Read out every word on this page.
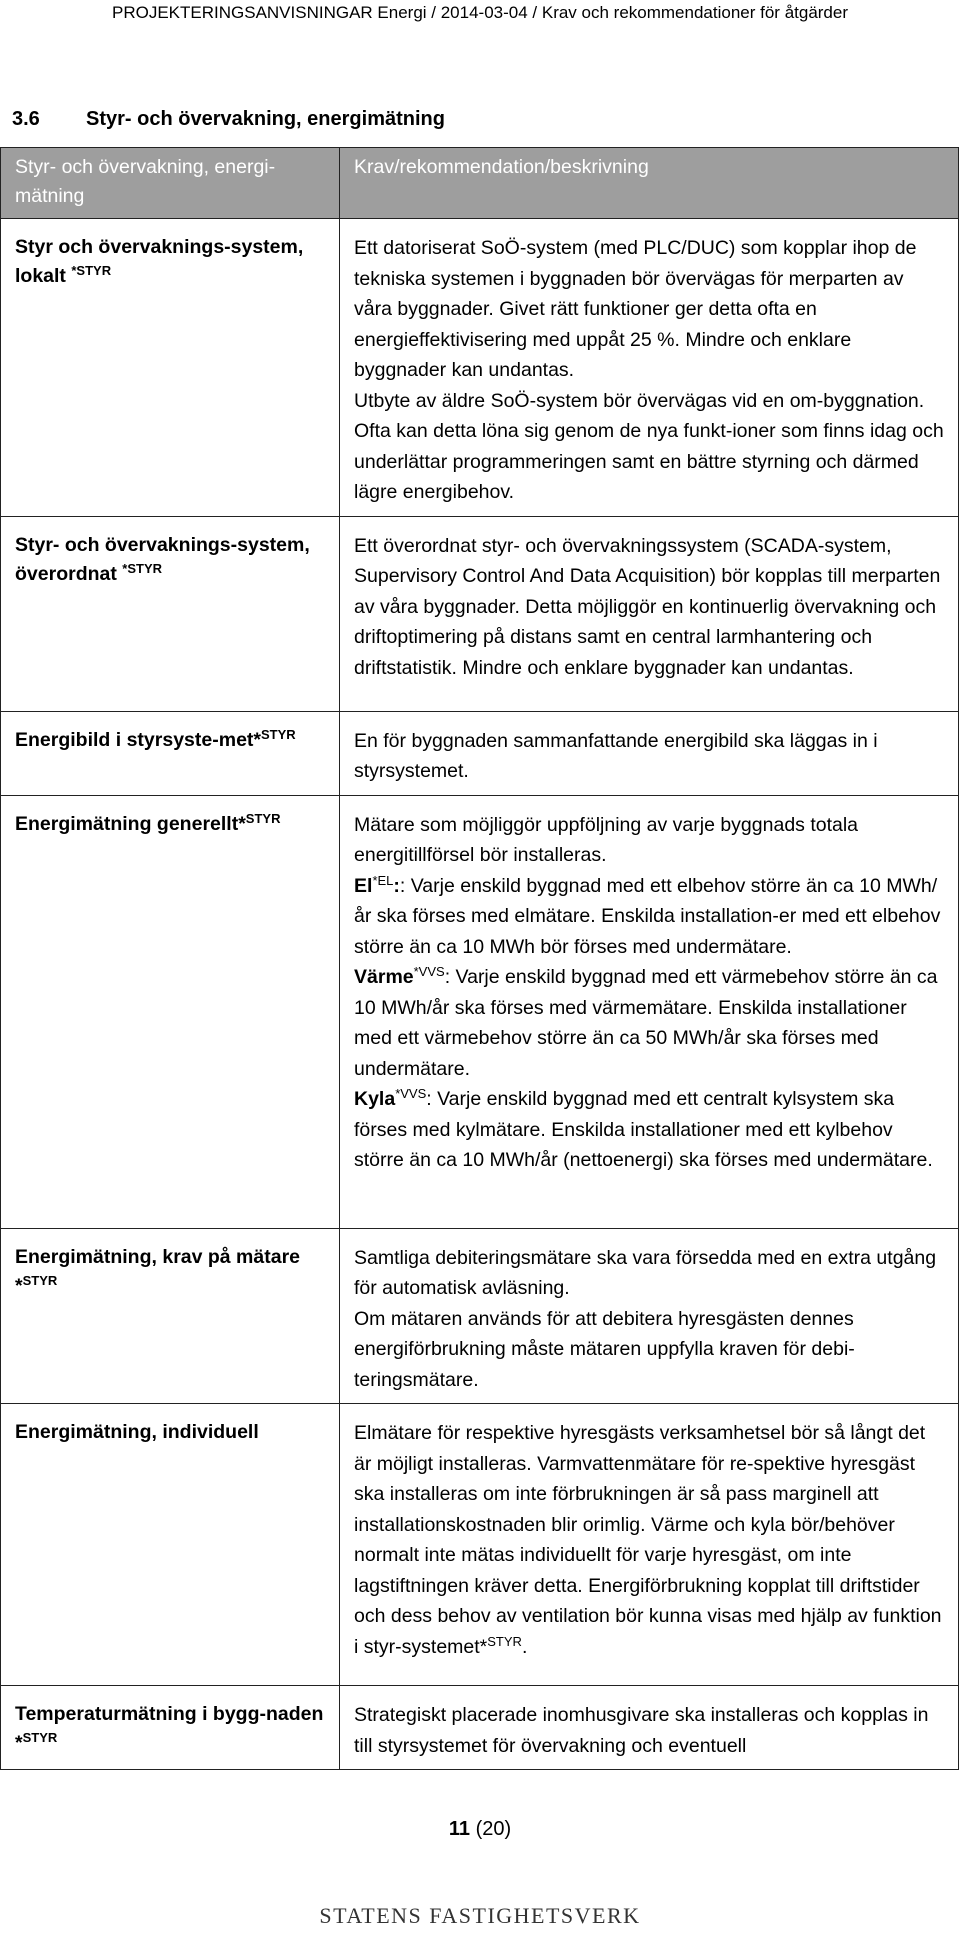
PROJEKTERINGSANVISNINGAR Energi / 2014-03-04 / Krav och rekommendationer för åtgärder
3.6 Styr- och övervakning, energimätning
Styr- och övervakning, energi-mätning	Krav/rekommendation/beskrivning
Styr och övervaknings-system, lokalt $^{*STYR}$	Ett datoriserat SoÖ-system (med PLC/DUC) som kopplar ihop de tekniska systemen i byggnaden bör övervägas för merparten av våra byggnader. Givet rätt funktioner ger detta ofta en energieffektivisering med uppåt 25 %. Mindre och enklare byggnader kan undantas.

Utbyte av äldre SoÖ-system bör övervägas vid en om-byggnation. Ofta kan detta löna sig genom de nya funkt-ioner som finns idag och underlättar programmeringen samt en bättre styrning och därmed lägre energibehov.

Styr- och övervaknings-system, överordnat $^{*STYR}$	Ett överordnat styr- och övervakningssystem (SCADA-system, Supervisory Control And Data Acquisition) bör kopplas till merparten av våra byggnader. Detta möjliggör en kontinuerlig övervakning och driftoptimering på distans samt en central larmhantering och driftstatistik. Mindre och enklare byggnader kan undantas.

Energibild i styrsyste-met*$^{STYR}$	En för byggnaden sammanfattande energibild ska läggas in i styrsystemet.

Energimätning generellt*$^{STYR}$	Mätare som möjliggör uppföljning av varje byggnads totala energitillförsel bör installeras.

$El^{*EL}$:: Varje enskild byggnad med ett elbehov större än ca 10 MWh/år ska förses med elmätare. Enskilda installation-er med ett elbehov större än ca 10 MWh bör förses med undermätare.

Värme$^{*VVS}$: Varje enskild byggnad med ett värmebehov större än ca 10 MWh/år ska förses med värmemätare. Enskilda installationer med ett värmebehov större än ca 50 MWh/år ska förses med undermätare.

Kyla$^{*VVS}$: Varje enskild byggnad med ett centralt kylsystem ska förses med kylmätare. Enskilda installationer med ett kylbehov större än ca 10 MWh/år (nettoenergi) ska förses med undermätare.

Energimätning, krav på mätare *$^{STYR}$	Samtliga debiteringsmätare ska vara försedda med en extra utgång för automatisk avläsning.

Om mätaren används för att debitera hyresgästen dennes energiförbrukning måste mätaren uppfylla kraven för debi-teringsmätare.

Energimätning, individuell	Elmätare för respektive hyresgästs verksamhetsel bör så långt det är möjligt installeras. Varmvattenmätare för re-spektive hyresgäst ska installeras om inte förbrukningen är så pass marginell att installationskostnaden blir orimlig. Värme och kyla bör/behöver normalt inte mätas individuellt för varje hyresgäst, om inte lagstiftningen kräver detta. Energiförbrukning kopplat till driftstider och dess behov av ventilation bör kunna visas med hjälp av funktion i styr-systemet*$^{STYR}$.

Temperaturmätning i bygg-naden *$^{STYR}$	Strategiskt placerade inomhusgivare ska installeras och kopplas in till styrsystemet för övervakning och eventuell

11 (20)
STATENS FASTIGHETSVERK
